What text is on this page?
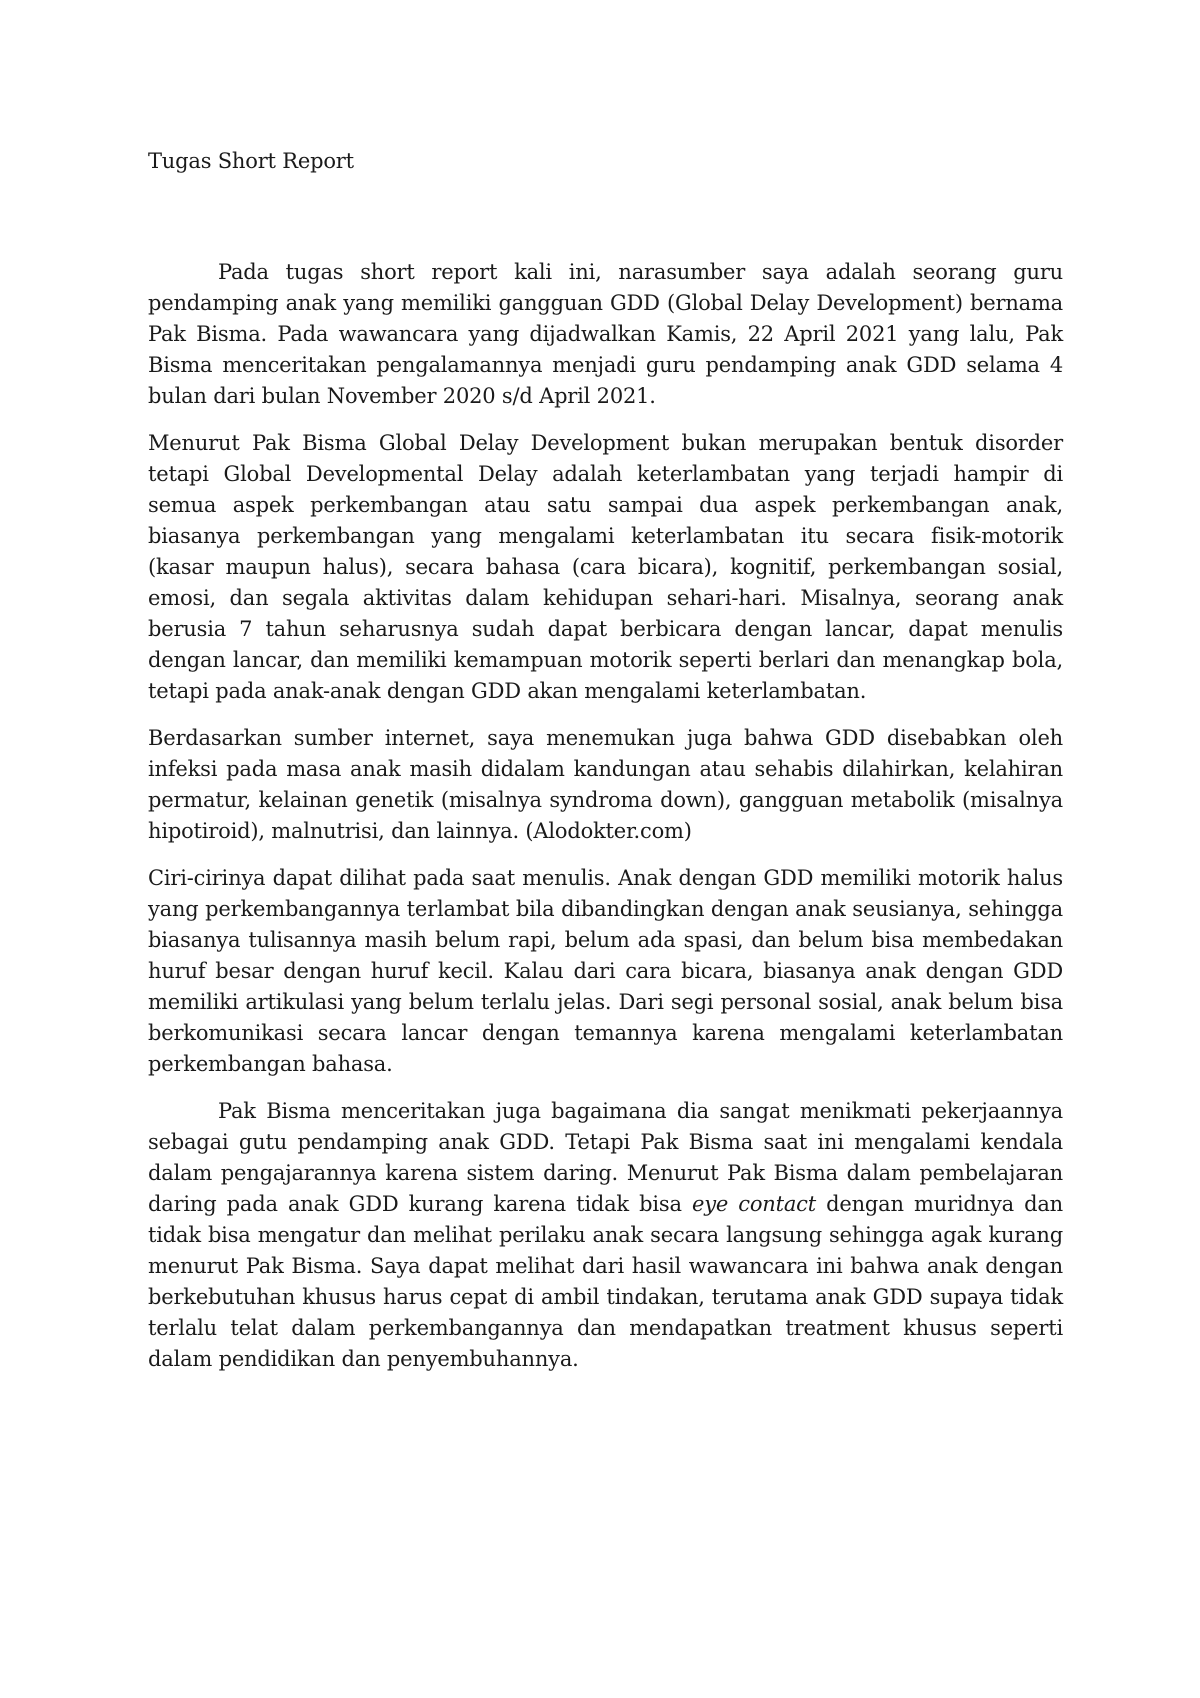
Tugas Short Report

Pada tugas short report kali ini, narasumber saya adalah seorang guru pendamping anak yang memiliki gangguan GDD (Global Delay Development) bernama Pak Bisma. Pada wawancara yang dijadwalkan Kamis, 22 April 2021 yang lalu, Pak Bisma menceritakan pengalamannya menjadi guru pendamping anak GDD selama 4 bulan dari bulan November 2020 s/d April 2021.

Menurut Pak Bisma Global Delay Development bukan merupakan bentuk disorder tetapi Global Developmental Delay adalah keterlambatan yang terjadi hampir di semua aspek perkembangan atau satu sampai dua aspek perkembangan anak, biasanya perkembangan yang mengalami keterlambatan itu secara fisik-motorik (kasar maupun halus), secara bahasa (cara bicara), kognitif, perkembangan sosial, emosi, dan segala aktivitas dalam kehidupan sehari-hari. Misalnya, seorang anak berusia 7 tahun seharusnya sudah dapat berbicara dengan lancar, dapat menulis dengan lancar, dan memiliki kemampuan motorik seperti berlari dan menangkap bola, tetapi pada anak-anak dengan GDD akan mengalami keterlambatan.

Berdasarkan sumber internet, saya menemukan juga bahwa GDD disebabkan oleh infeksi pada masa anak masih didalam kandungan atau sehabis dilahirkan, kelahiran permatur, kelainan genetik (misalnya syndroma down), gangguan metabolik (misalnya hipotiroid), malnutrisi, dan lainnya. (Alodokter.com)

Ciri-cirinya dapat dilihat pada saat menulis. Anak dengan GDD memiliki motorik halus yang perkembangannya terlambat bila dibandingkan dengan anak seusianya, sehingga biasanya tulisannya masih belum rapi, belum ada spasi, dan belum bisa membedakan huruf besar dengan huruf kecil. Kalau dari cara bicara, biasanya anak dengan GDD memiliki artikulasi yang belum terlalu jelas. Dari segi personal sosial, anak belum bisa berkomunikasi secara lancar dengan temannya karena mengalami keterlambatan perkembangan bahasa.

Pak Bisma menceritakan juga bagaimana dia sangat menikmati pekerjaannya sebagai gutu pendamping anak GDD. Tetapi Pak Bisma saat ini mengalami kendala dalam pengajarannya karena sistem daring. Menurut Pak Bisma dalam pembelajaran daring pada anak GDD kurang karena tidak bisa eye contact dengan muridnya dan tidak bisa mengatur dan melihat perilaku anak secara langsung sehingga agak kurang menurut Pak Bisma. Saya dapat melihat dari hasil wawancara ini bahwa anak dengan berkebutuhan khusus harus cepat di ambil tindakan, terutama anak GDD supaya tidak terlalu telat dalam perkembangannya dan mendapatkan treatment khusus seperti dalam pendidikan dan penyembuhannya.
